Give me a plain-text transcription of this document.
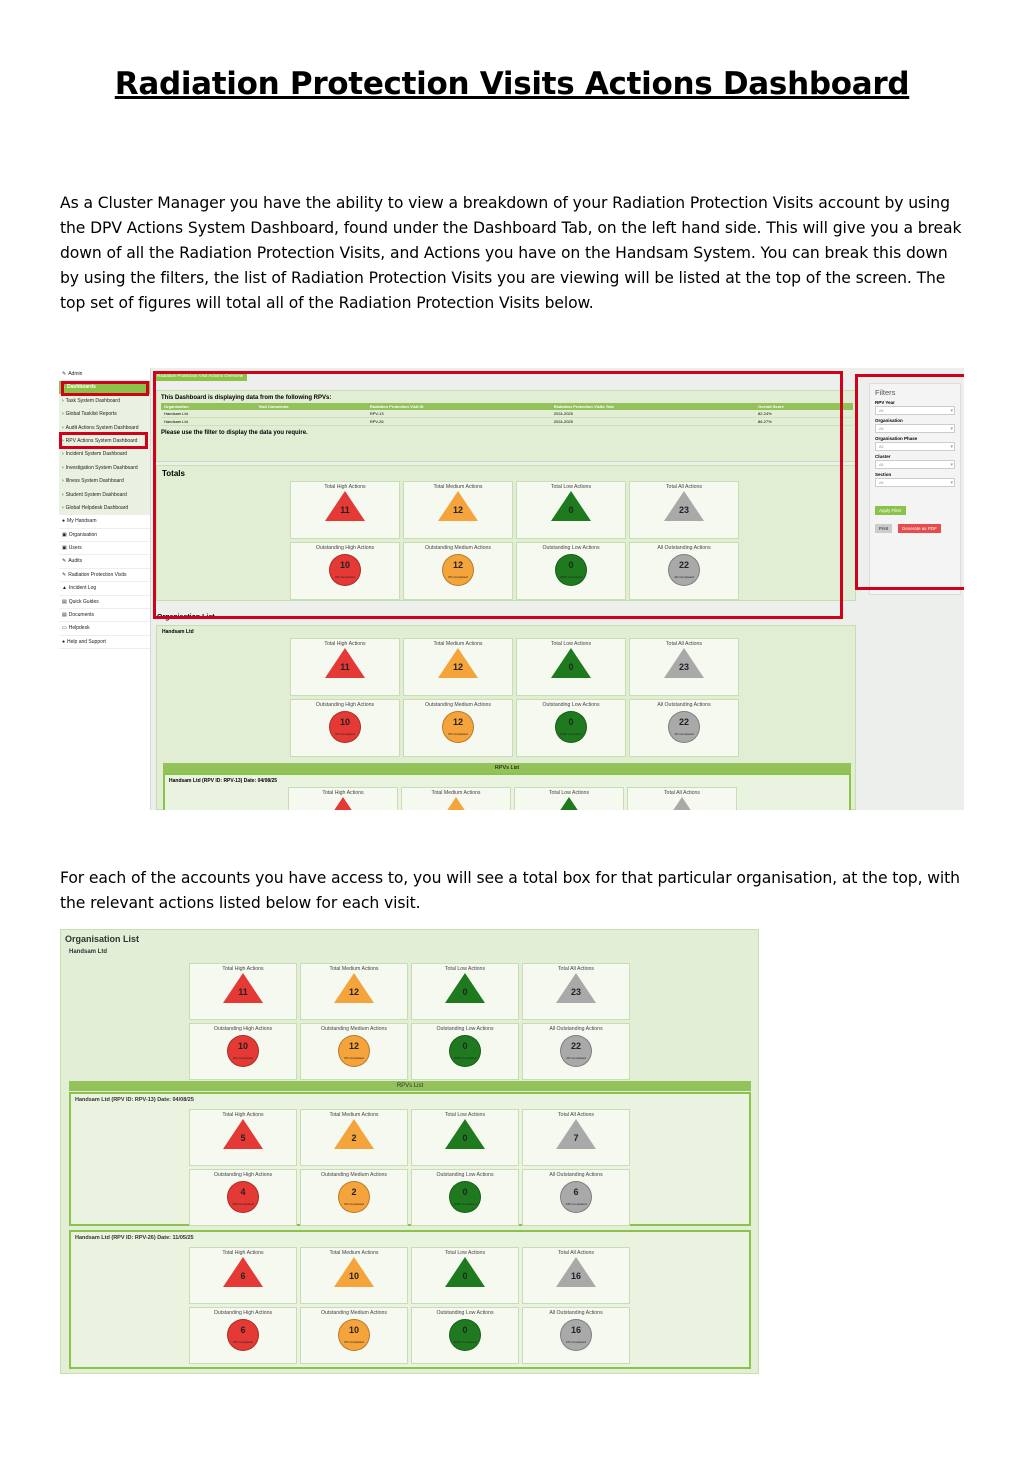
Radiation Protection Visits Actions Dashboard
As a Cluster Manager you have the ability to view a breakdown of your Radiation Protection Visits account by using the DPV Actions System Dashboard, found under the Dashboard Tab, on the left hand side. This will give you a break down of all the Radiation Protection Visits, and Actions you have on the Handsam System. You can break this down by using the filters, the list of Radiation Protection Visits you are viewing will be listed at the top of the screen. The top set of figures will total all of the Radiation Protection Visits below.
✎ Admin
⌂ Dashboards
› Task System Dashboard
› Global Tasklist Reports
› Audit Actions System Dashboard
› RPV Actions System Dashboard
› Incident System Dashboard
› Investigation System Dashboard
› Illness System Dashboard
› Student System Dashboard
› Global Helpdesk Dashboard
● My Handsam
▣ Organisation
▣ Users
✎ Audits
✎ Radiation Protection Visits
▲ Incident Log
▤ Quick Guides
▤ Documents
▭ Helpdesk
● Help and Support
Radiation Protection Visit Actions Overview
This Dashboard is displaying data from the following RPVs:
Organisation	Visit Comments	Radiation Protection Visit ID	Radiation Protection Visits Year	Overall Score
Handsam Ltd		RPV-13	2024-2025	82.24%
Handsam Ltd		RPV-26	2024-2025	86.27%
Please use the filter to display the data you require.
Totals
Total High Actions
11
Total Medium Actions
12
Total Low Actions
0
Total All Actions
23
Outstanding High Actions
10
9% Completed
Outstanding Medium Actions
12
0% Completed
Outstanding Low Actions
0
100% Completed
All Outstanding Actions
22
4% Completed
Organisation List
Handsam Ltd
Total High Actions
11
Total Medium Actions
12
Total Low Actions
0
Total All Actions
23
Outstanding High Actions
10
9% Completed
Outstanding Medium Actions
12
0% Completed
Outstanding Low Actions
0
100% Completed
All Outstanding Actions
22
4% Completed
RPVs List
Handsam Ltd (RPV ID: RPV-13) Date: 04/08/25
Total High Actions	Total Medium Actions	Total Low Actions	Total All Actions
Filters
RPV Year
All ▾
Organisation
All ▾
Organisation Phase
All ▾
Cluster
All ▾
Section
All ▾
Apply Filter
Print	Generate as PDF
For each of the accounts you have access to, you will see a total box for that particular organisation, at the top, with the relevant actions listed below for each visit.
Organisation List
Handsam Ltd
RPVs List
Handsam Ltd (RPV ID: RPV-13) Date: 04/08/25
Total High Actions
5
Total Medium Actions
2
Total Low Actions
0
Total All Actions
7
Outstanding High Actions
4
20% Completed
Outstanding Medium Actions
2
0% Completed
Outstanding Low Actions
0
100% Completed
All Outstanding Actions
6
14% Completed
Handsam Ltd (RPV ID: RPV-26) Date: 11/05/25
Total High Actions
6
Total Medium Actions
10
Total Low Actions
0
Total All Actions
16
Outstanding High Actions
6
0% Completed
Outstanding Medium Actions
10
0% Completed
Outstanding Low Actions
0
100% Completed
All Outstanding Actions
16
0% Completed
Total High Actions
11
Total Medium Actions
12
Total Low Actions
0
Total All Actions
23
Outstanding High Actions
10
9% Completed
Outstanding Medium Actions
12
0% Completed
Outstanding Low Actions
0
100% Completed
All Outstanding Actions
22
4% Completed
